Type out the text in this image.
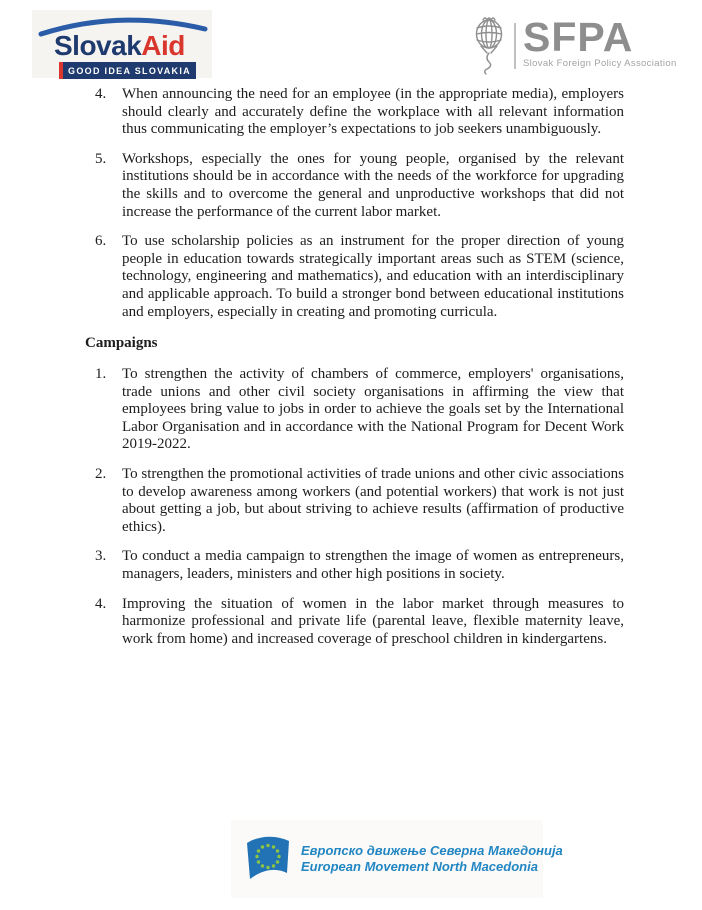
SlovakAid
GOOD IDEA SLOVAKIA
SFPA
Slovak Foreign Policy Association
4.	When announcing the need for an employee (in the appropriate media), employers should clearly and accurately define the workplace with all relevant information thus communicating the employer’s expectations to job seekers unambiguously.
5.	Workshops, especially the ones for young people, organised by the relevant institutions should be in accordance with the needs of the workforce for upgrading the skills and to overcome the general and unproductive workshops that did not increase the performance of the current labor market.
6.	To use scholarship policies as an instrument for the proper direction of young people in education towards strategically important areas such as STEM (science, technology, engineering and mathematics), and education with an interdisciplinary and applicable approach. To build a stronger bond between educational institutions and employers, especially in creating and promoting curricula.
Campaigns
1.	To strengthen the activity of chambers of commerce, employers' organisations, trade unions and other civil society organisations in affirming the view that employees bring value to jobs in order to achieve the goals set by the International Labor Organisation and in accordance with the National Program for Decent Work 2019-2022.
2.	To strengthen the promotional activities of trade unions and other civic associations to develop awareness among workers (and potential workers) that work is not just about getting a job, but about striving to achieve results (affirmation of productive ethics).
3.	To conduct a media campaign to strengthen the image of women as entrepreneurs, managers, leaders, ministers and other high positions in society.
4.	Improving the situation of women in the labor market through measures to harmonize professional and private life (parental leave, flexible maternity leave, work from home) and increased coverage of preschool children in kindergartens.
Европско движење Северна Македонија
European Movement North Macedonia
